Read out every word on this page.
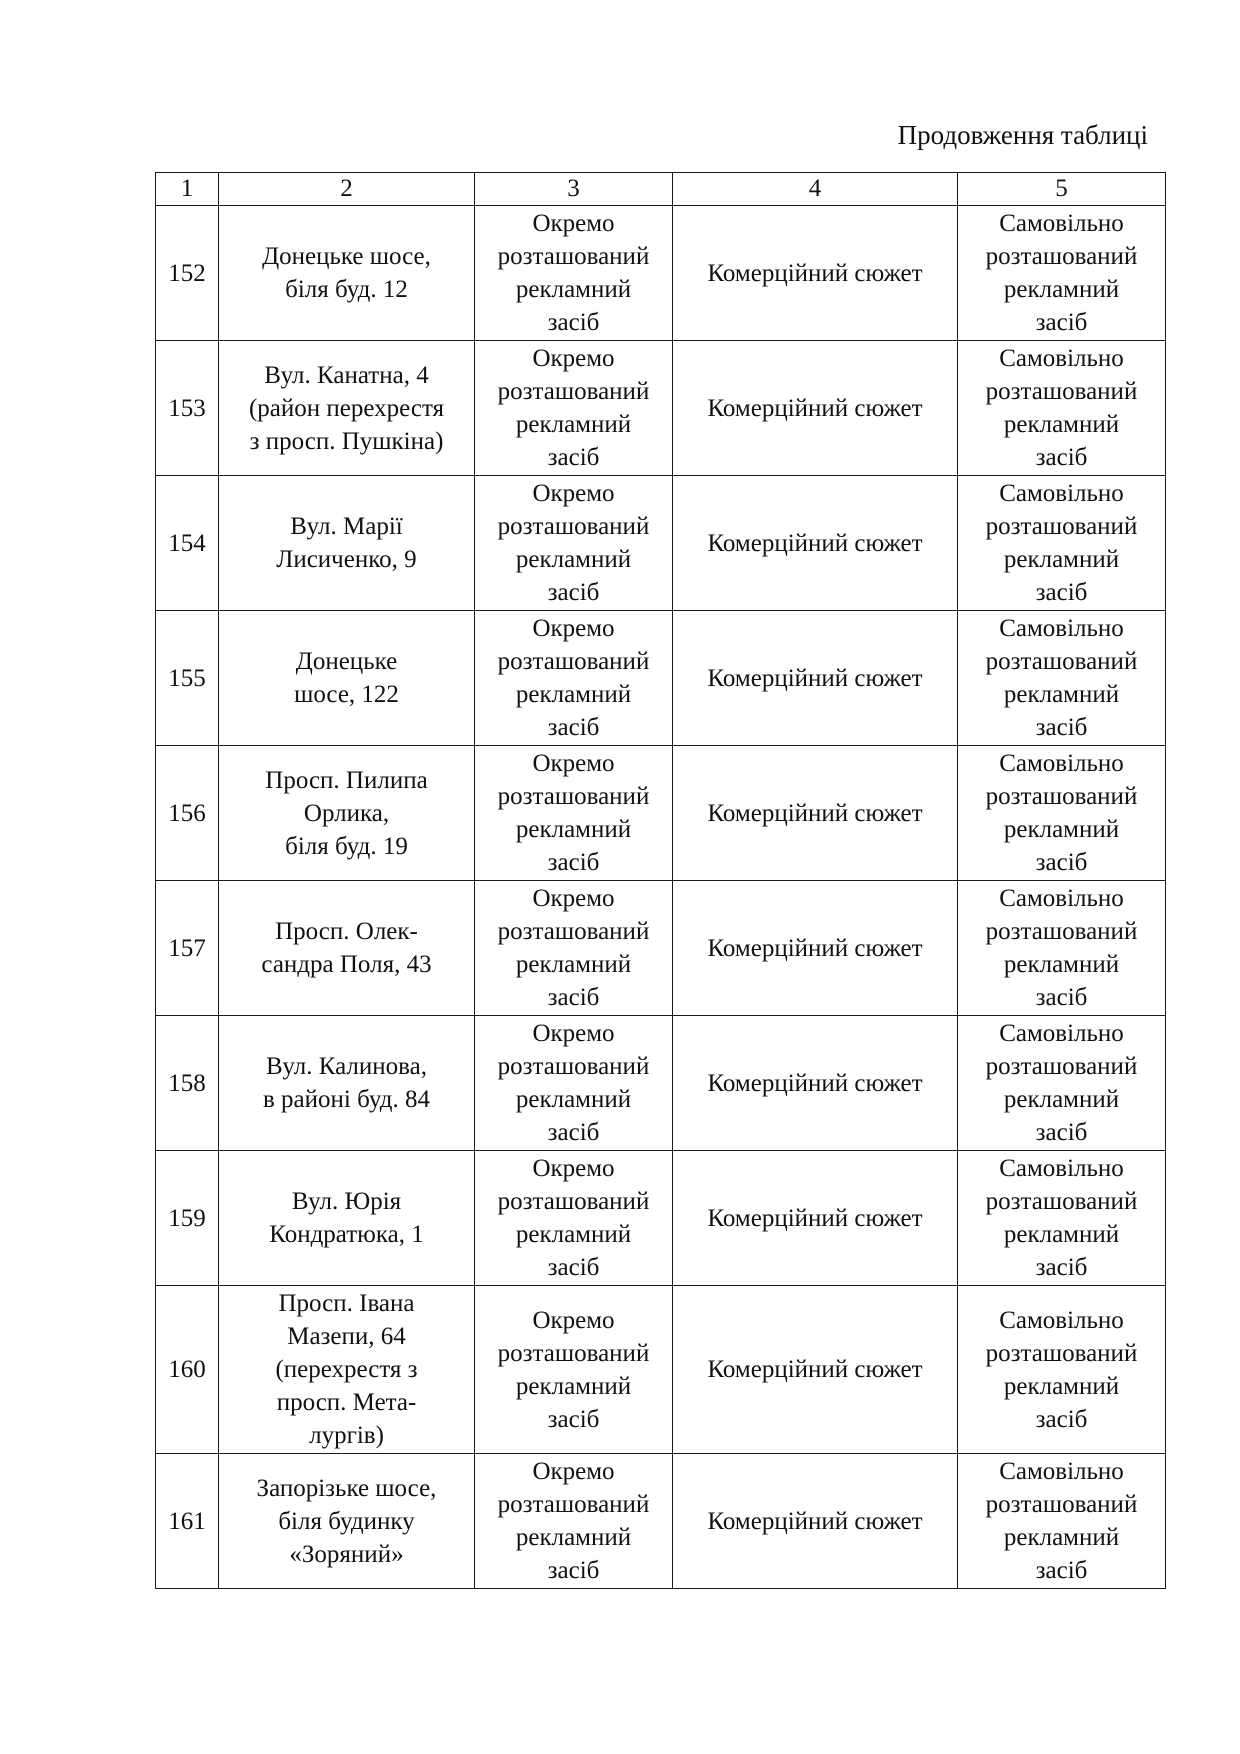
Продовження таблиці
1	2	3	4	5
152	Донецьке шосе,
біля буд. 12	Окремо
розташований
рекламний
засіб	Комерційний сюжет	Самовільно
розташований
рекламний
засіб
153	Вул. Канатна, 4
(район перехрестя
з просп. Пушкіна)	Окремо
розташований
рекламний
засіб	Комерційний сюжет	Самовільно
розташований
рекламний
засіб
154	Вул. Марії
Лисиченко, 9	Окремо
розташований
рекламний
засіб	Комерційний сюжет	Самовільно
розташований
рекламний
засіб
155	Донецьке
шосе, 122	Окремо
розташований
рекламний
засіб	Комерційний сюжет	Самовільно
розташований
рекламний
засіб
156	Просп. Пилипа
Орлика,
біля буд. 19	Окремо
розташований
рекламний
засіб	Комерційний сюжет	Самовільно
розташований
рекламний
засіб
157	Просп. Олек-
сандра Поля, 43	Окремо
розташований
рекламний
засіб	Комерційний сюжет	Самовільно
розташований
рекламний
засіб
158	Вул. Калинова,
в районі буд. 84	Окремо
розташований
рекламний
засіб	Комерційний сюжет	Самовільно
розташований
рекламний
засіб
159	Вул. Юрія
Кондратюка, 1	Окремо
розташований
рекламний
засіб	Комерційний сюжет	Самовільно
розташований
рекламний
засіб
160	Просп. Івана
Мазепи, 64
(перехрестя з
просп. Мета-
лургів)	Окремо
розташований
рекламний
засіб	Комерційний сюжет	Самовільно
розташований
рекламний
засіб
161	Запорізьке шосе,
біля будинку
«Зоряний»	Окремо
розташований
рекламний
засіб	Комерційний сюжет	Самовільно
розташований
рекламний
засіб
